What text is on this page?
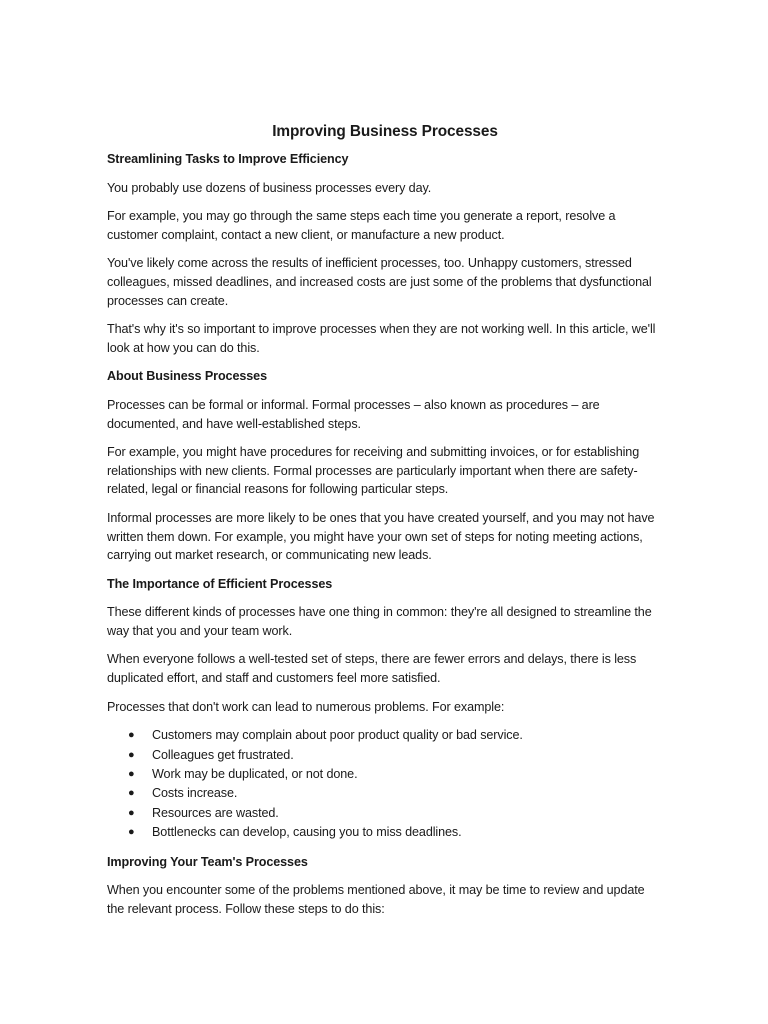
Improving Business Processes
Streamlining Tasks to Improve Efficiency
You probably use dozens of business processes every day.
For example, you may go through the same steps each time you generate a report, resolve a customer complaint, contact a new client, or manufacture a new product.
You've likely come across the results of inefficient processes, too. Unhappy customers, stressed colleagues, missed deadlines, and increased costs are just some of the problems that dysfunctional processes can create.
That's why it's so important to improve processes when they are not working well. In this article, we'll look at how you can do this.
About Business Processes
Processes can be formal or informal. Formal processes – also known as procedures – are documented, and have well-established steps.
For example, you might have procedures for receiving and submitting invoices, or for establishing relationships with new clients. Formal processes are particularly important when there are safety-related, legal or financial reasons for following particular steps.
Informal processes are more likely to be ones that you have created yourself, and you may not have written them down. For example, you might have your own set of steps for noting meeting actions, carrying out market research, or communicating new leads.
The Importance of Efficient Processes
These different kinds of processes have one thing in common: they're all designed to streamline the way that you and your team work.
When everyone follows a well-tested set of steps, there are fewer errors and delays, there is less duplicated effort, and staff and customers feel more satisfied.
Processes that don't work can lead to numerous problems. For example:
● Customers may complain about poor product quality or bad service.
● Colleagues get frustrated.
● Work may be duplicated, or not done.
● Costs increase.
● Resources are wasted.
● Bottlenecks can develop, causing you to miss deadlines.
Improving Your Team's Processes
When you encounter some of the problems mentioned above, it may be time to review and update the relevant process. Follow these steps to do this:
